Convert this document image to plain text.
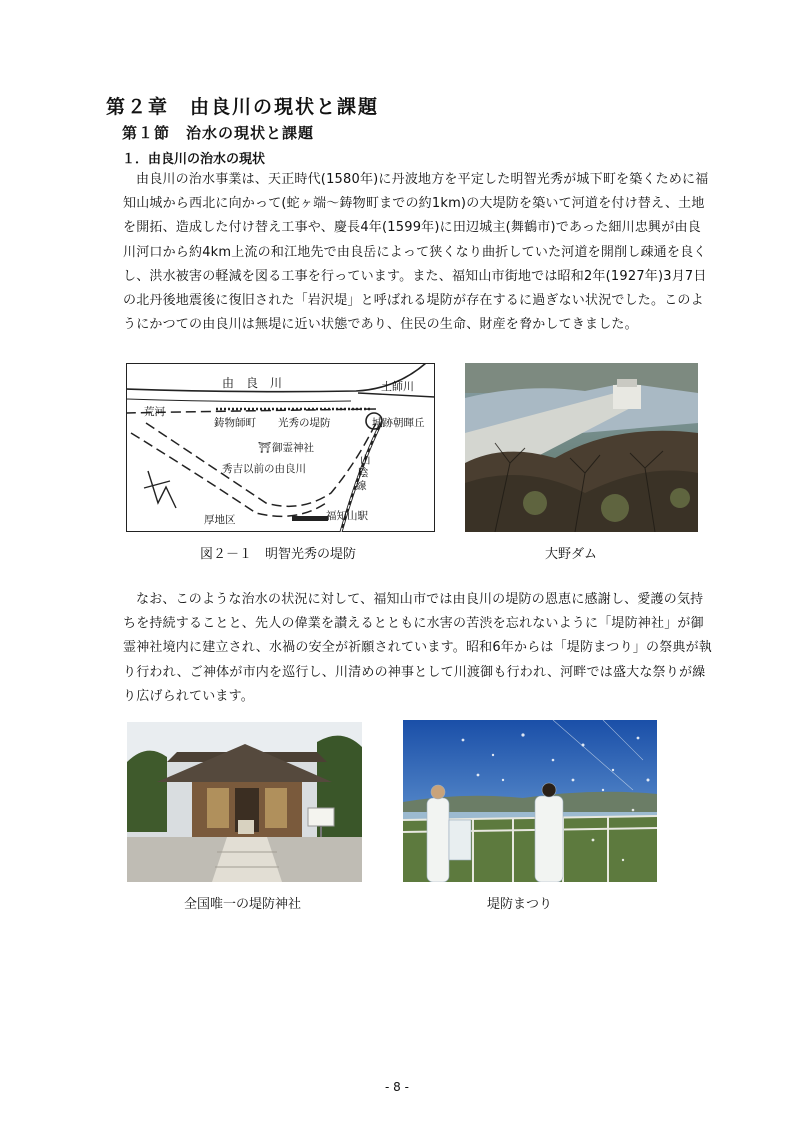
第２章　由良川の現状と課題
第１節　治水の現状と課題
１．由良川の治水の現状

由良川の治水事業は、天正時代(1580年)に丹波地方を平定した明智光秀が城下町を築くために福知山城から西北に向かって(蛇ヶ端～鋳物町までの約1km)の大堤防を築いて河道を付け替え、土地を開拓、造成した付け替え工事や、慶長4年(1599年)に田辺城主(舞鶴市)であった細川忠興が由良川河口から約4km上流の和江地先で由良岳によって狭くなり曲折していた河道を開削し疎通を良くし、洪水被害の軽減を図る工事を行っています。また、福知山市街地では昭和2年(1927年)3月7日の北丹後地震後に復旧された「岩沢堤」と呼ばれる堤防が存在するに過ぎない状況でした。このようにかつての由良川は無堤に近い状態であり、住民の生命、財産を脅かしてきました。

由　良　川	土師川
荒河
鋳物師町 光秀の堤防	城跡朝暉丘
⛩ 御霊神社
秀吉以前の由良川
厚地区	福知山駅
山
陰
線
図２－１　明智光秀の堤防	大野ダム

なお、このような治水の状況に対して、福知山市では由良川の堤防の恩恵に感謝し、愛護の気持ちを持続することと、先人の偉業を讃えるとともに水害の苦渋を忘れないように「堤防神社」が御霊神社境内に建立され、水禍の安全が祈願されています。昭和6年からは「堤防まつり」の祭典が執り行われ、ご神体が市内を巡行し、川清めの神事として川渡御も行われ、河畔では盛大な祭りが繰り広げられています。

全国唯一の堤防神社	堤防まつり
- 8 -
